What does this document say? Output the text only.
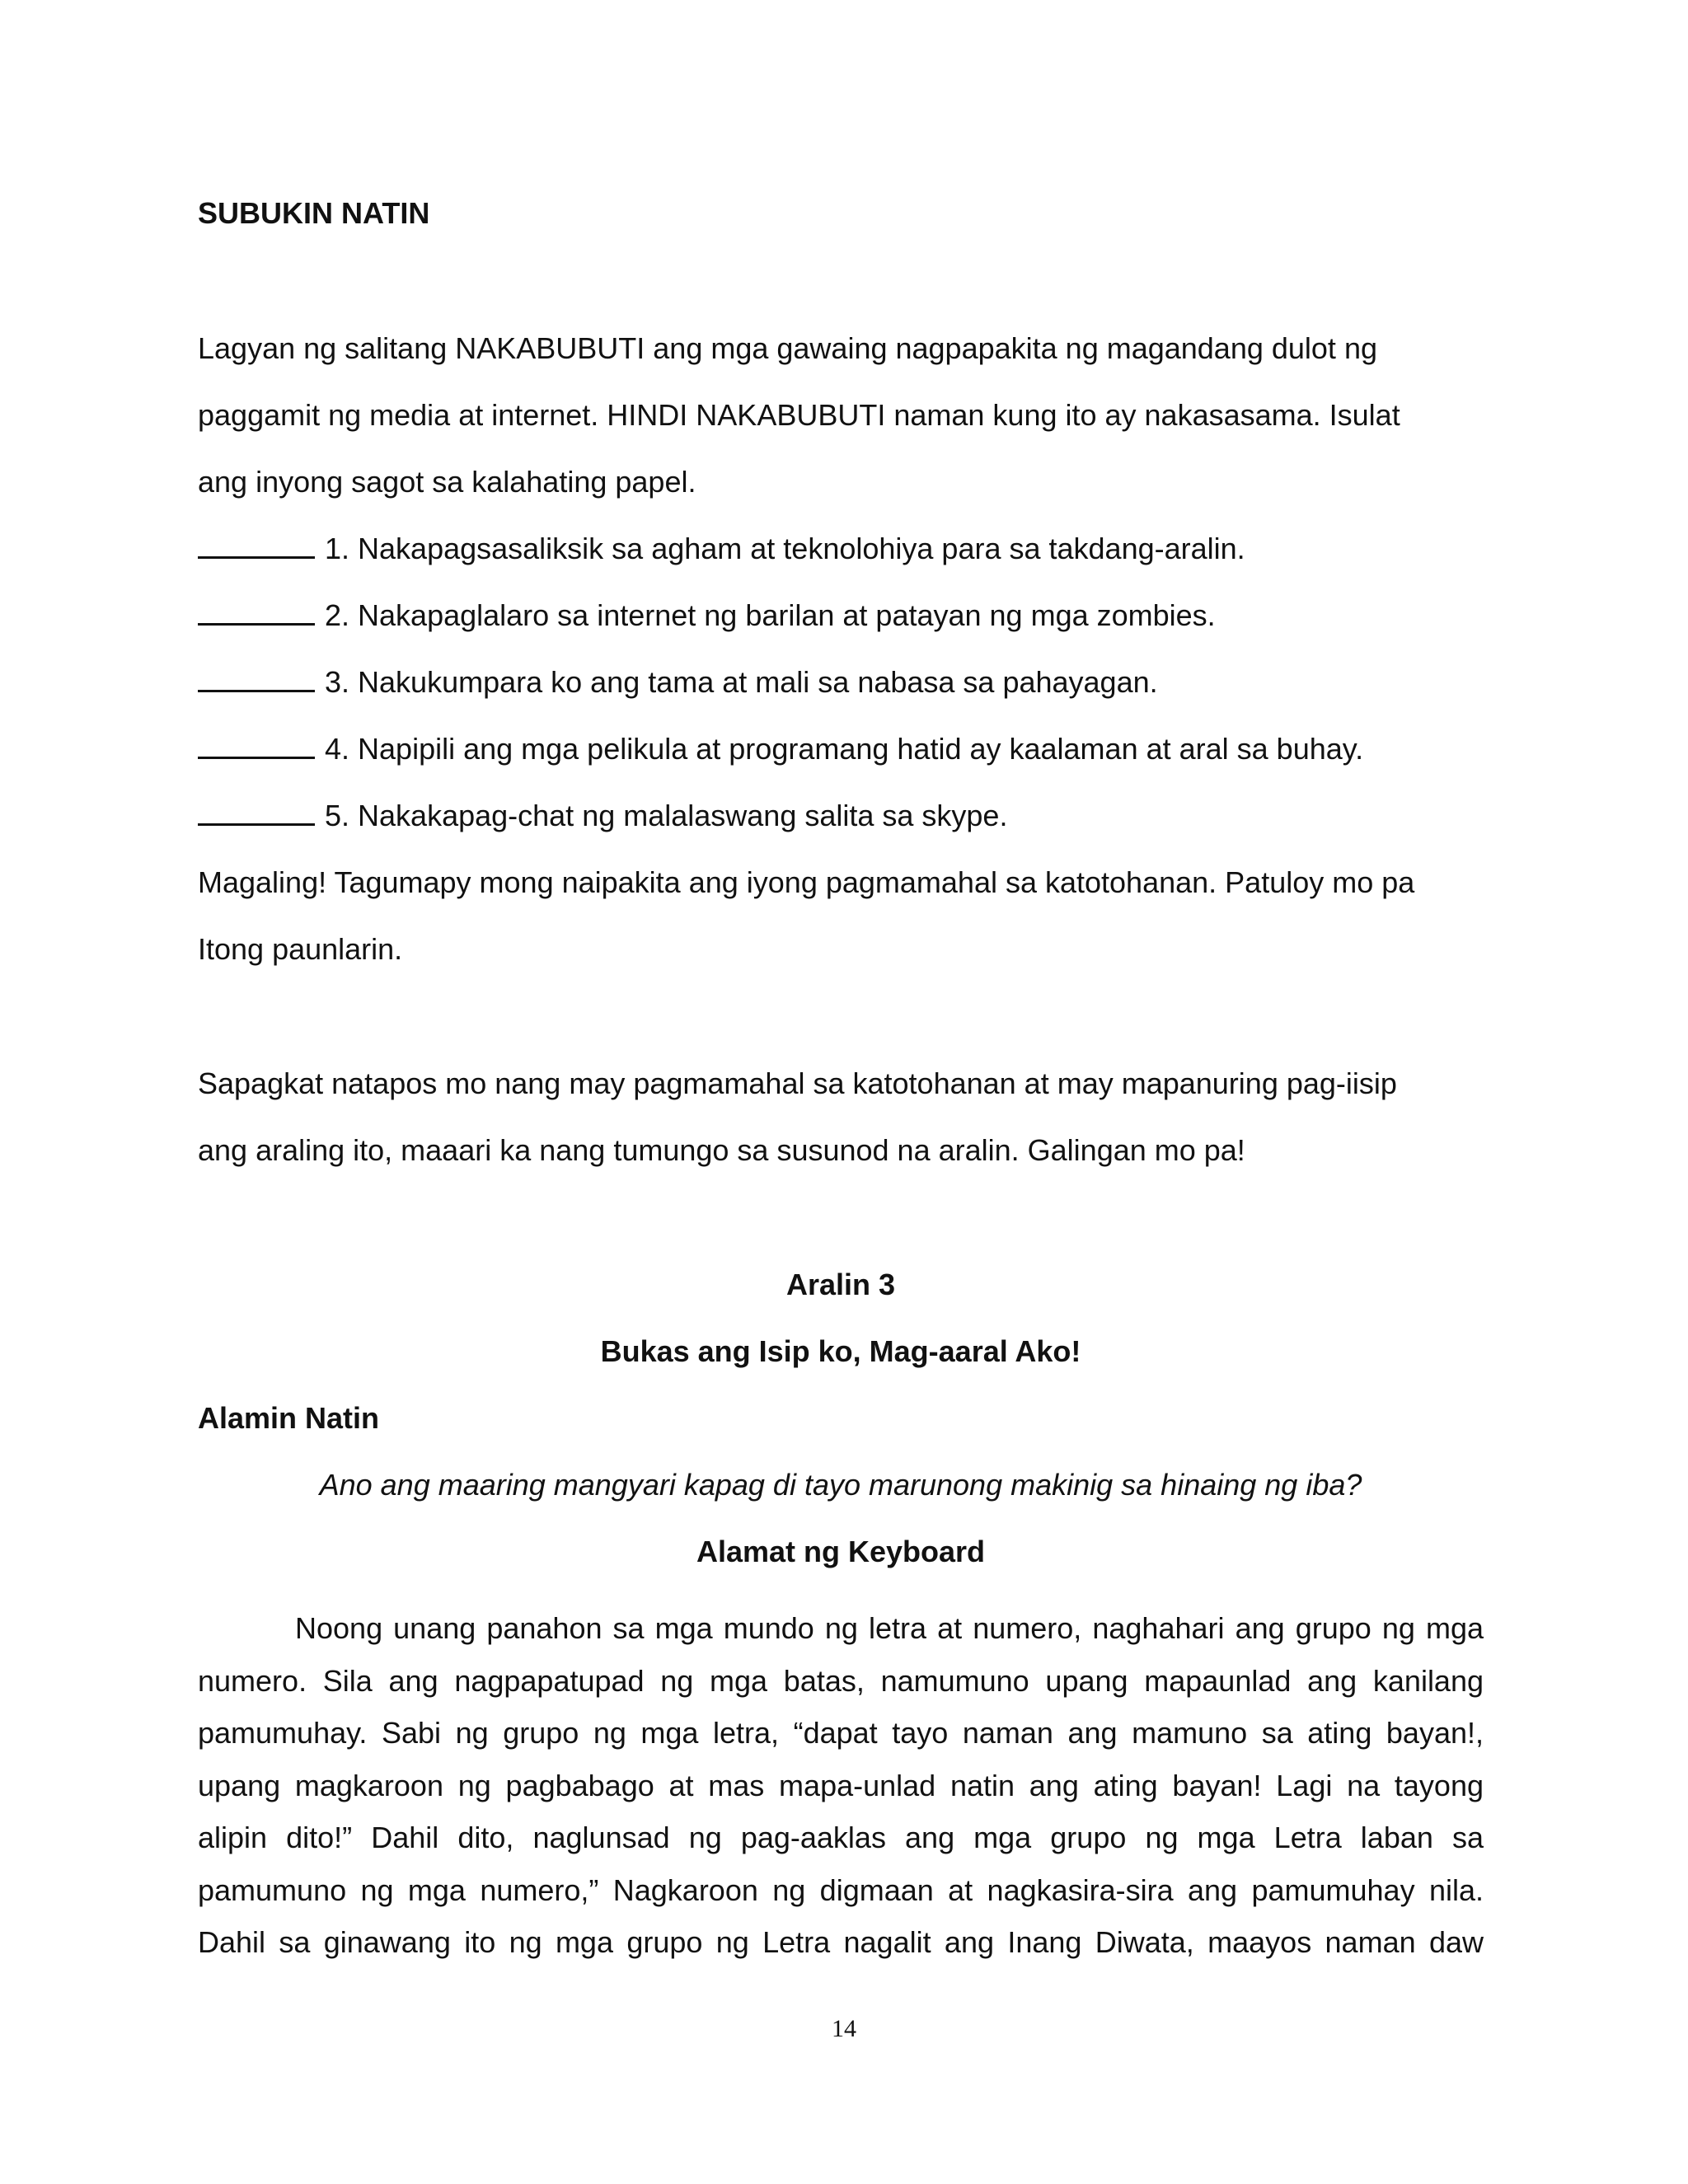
SUBUKIN NATIN
Lagyan ng salitang NAKABUBUTI ang mga gawaing nagpapakita ng magandang dulot ng
paggamit ng media at internet. HINDI NAKABUBUTI naman kung ito ay nakasasama. Isulat
ang inyong sagot sa kalahating papel.
1. Nakapagsasaliksik sa agham at teknolohiya para sa takdang-aralin.
2. Nakapaglalaro sa internet ng barilan at patayan ng mga zombies.
3. Nakukumpara ko ang tama at mali sa nabasa sa pahayagan.
4. Napipili ang mga pelikula at programang hatid ay kaalaman at aral sa buhay.
5. Nakakapag-chat ng malalaswang salita sa skype.
Magaling! Tagumapy mong naipakita ang iyong pagmamahal sa katotohanan. Patuloy mo pa
Itong paunlarin.
Sapagkat natapos mo nang may pagmamahal sa katotohanan at may mapanuring pag-iisip
ang araling ito, maaari ka nang tumungo sa susunod na aralin. Galingan mo pa!
Aralin 3
Bukas ang Isip ko, Mag-aaral Ako!
Alamin Natin
Ano ang maaring mangyari kapag di tayo marunong makinig sa hinaing ng iba?
Alamat ng Keyboard
Noong unang panahon sa mga mundo ng letra at numero, naghahari ang grupo ng mga
numero. Sila ang nagpapatupad ng mga batas, namumuno upang mapaunlad ang kanilang
pamumuhay. Sabi ng grupo ng mga letra, “dapat tayo naman ang mamuno sa ating bayan!,
upang magkaroon ng pagbabago at mas mapa-unlad natin ang ating bayan! Lagi na tayong
alipin dito!” Dahil dito, naglunsad ng pag-aaklas ang mga grupo ng mga Letra laban sa
pamumuno ng mga numero,” Nagkaroon ng digmaan at nagkasira-sira ang pamumuhay nila.
Dahil sa ginawang ito ng mga grupo ng Letra nagalit ang Inang Diwata, maayos naman daw
14
